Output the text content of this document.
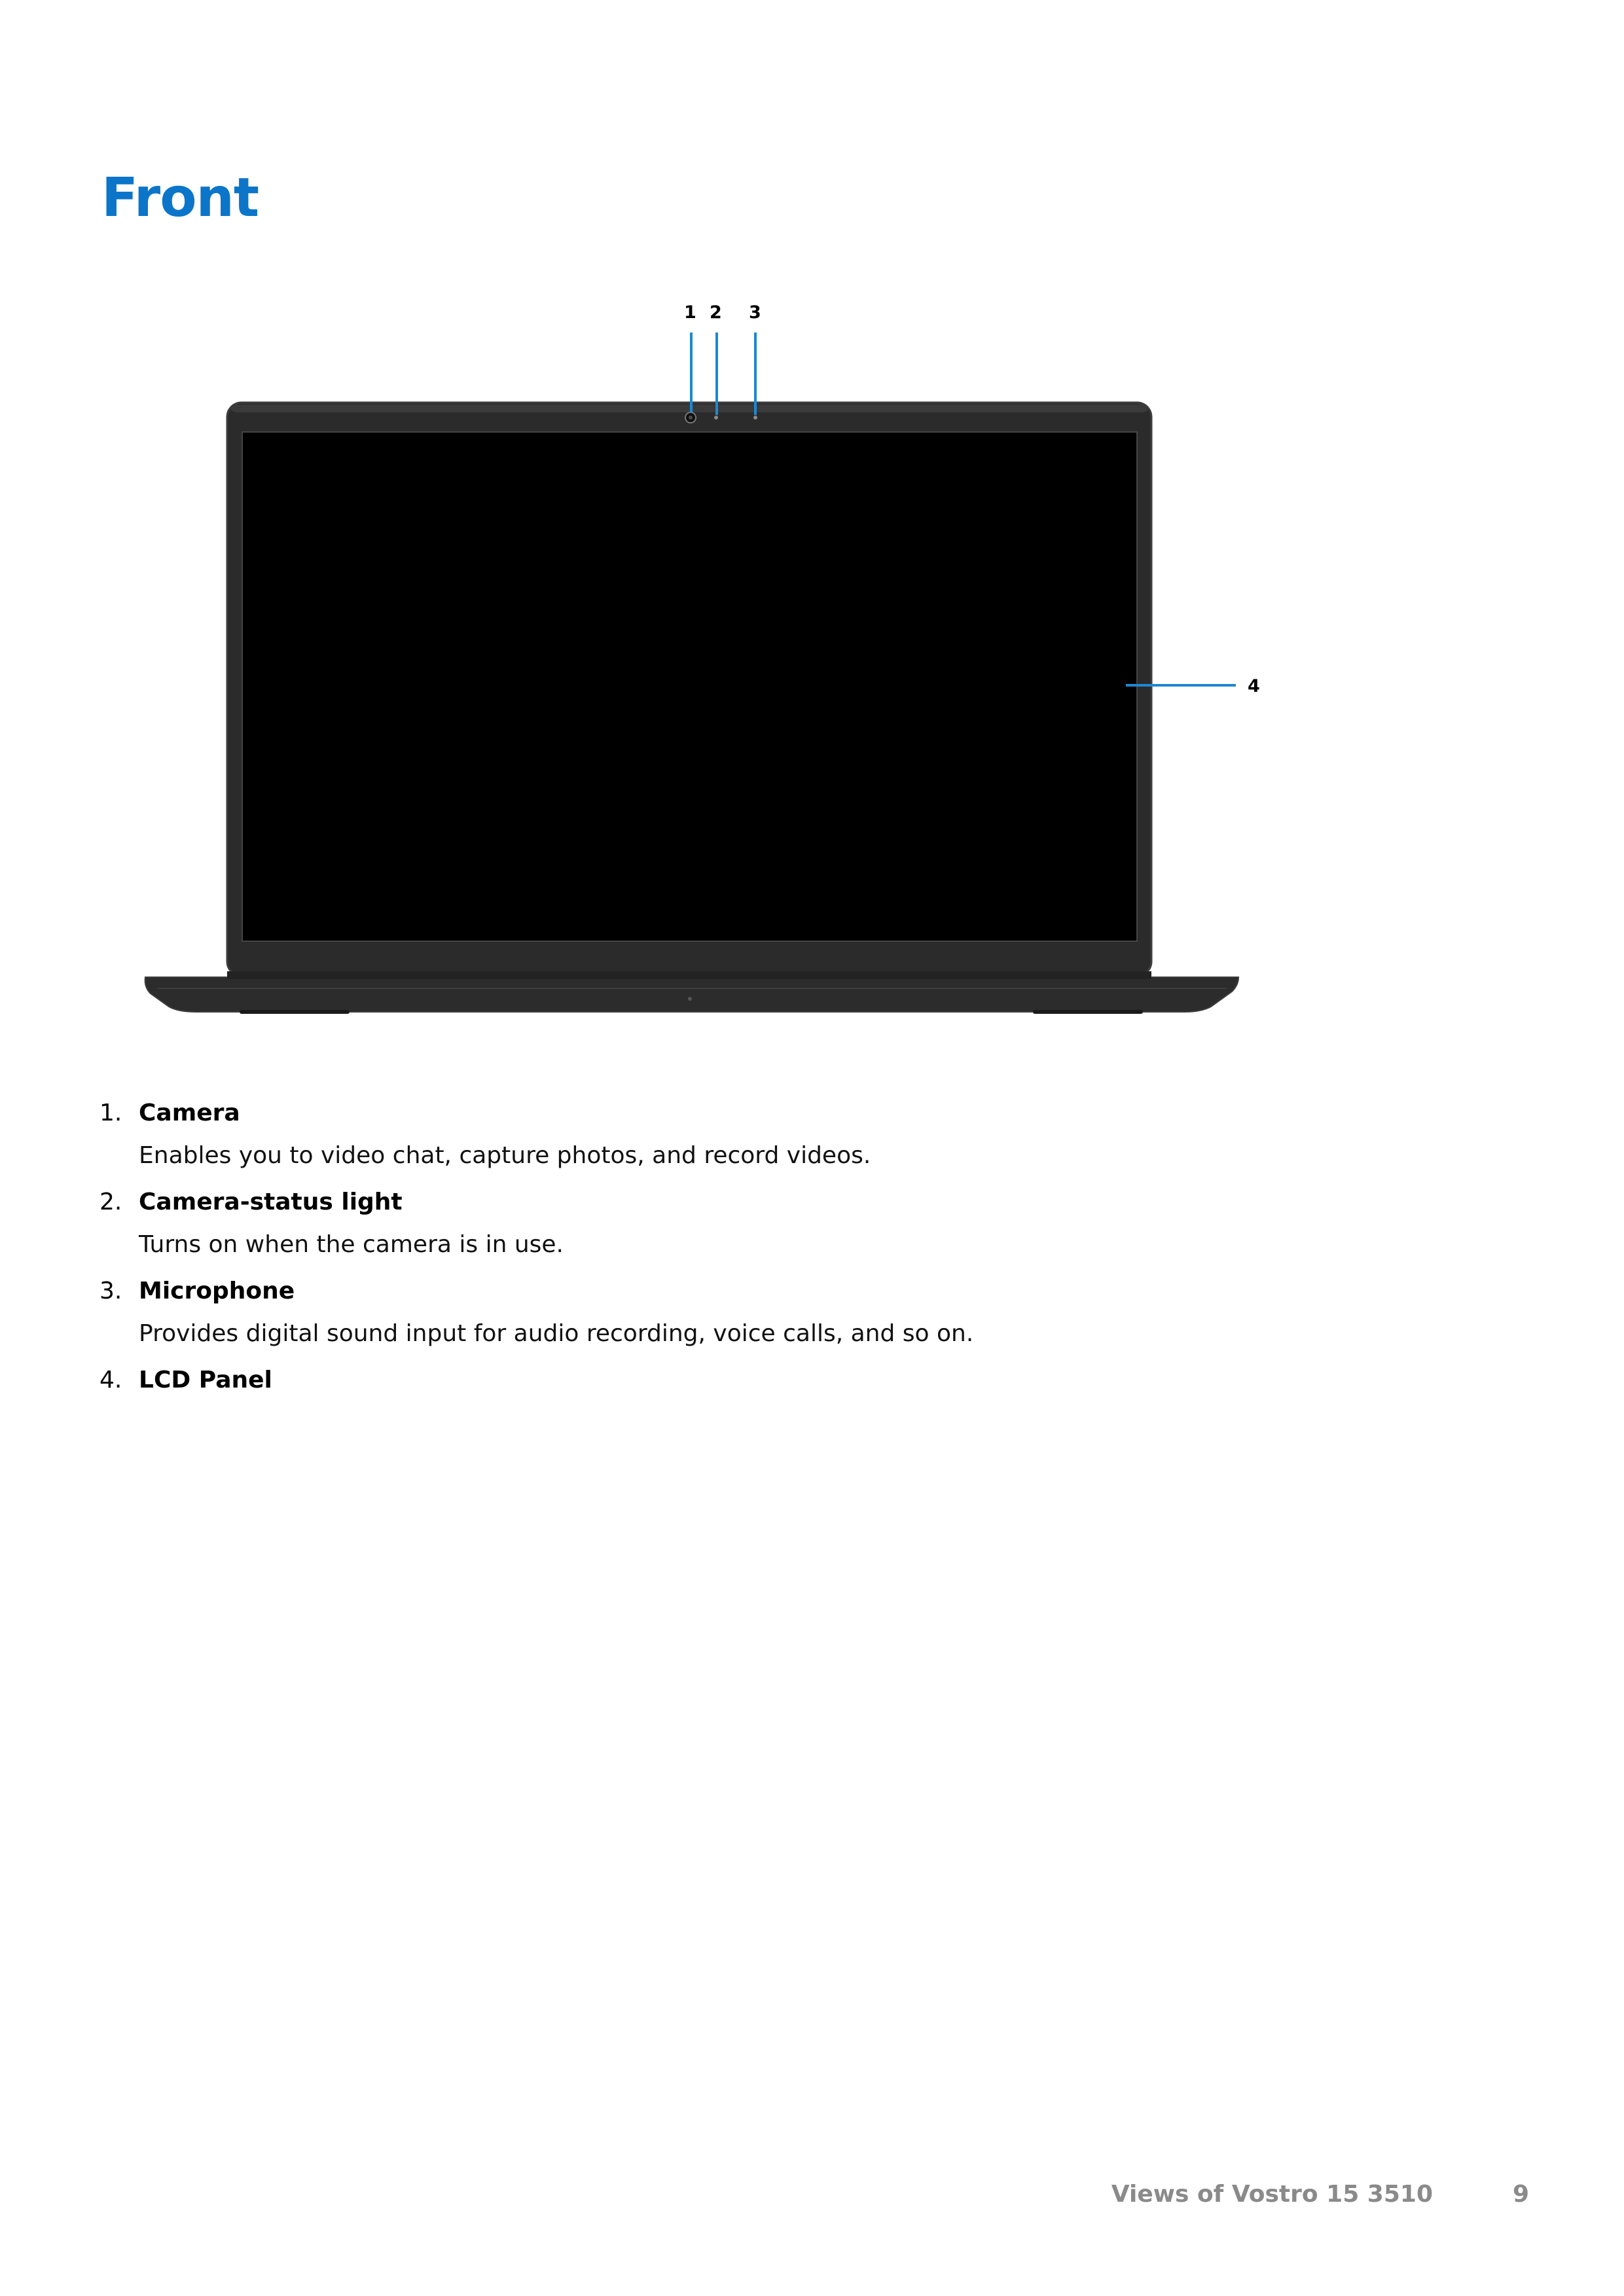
Front
1 2 3
4
1. Camera
Enables you to video chat, capture photos, and record videos.
2. Camera-status light
Turns on when the camera is in use.
3. Microphone
Provides digital sound input for audio recording, voice calls, and so on.
4. LCD Panel
Views of Vostro 15 3510	9
